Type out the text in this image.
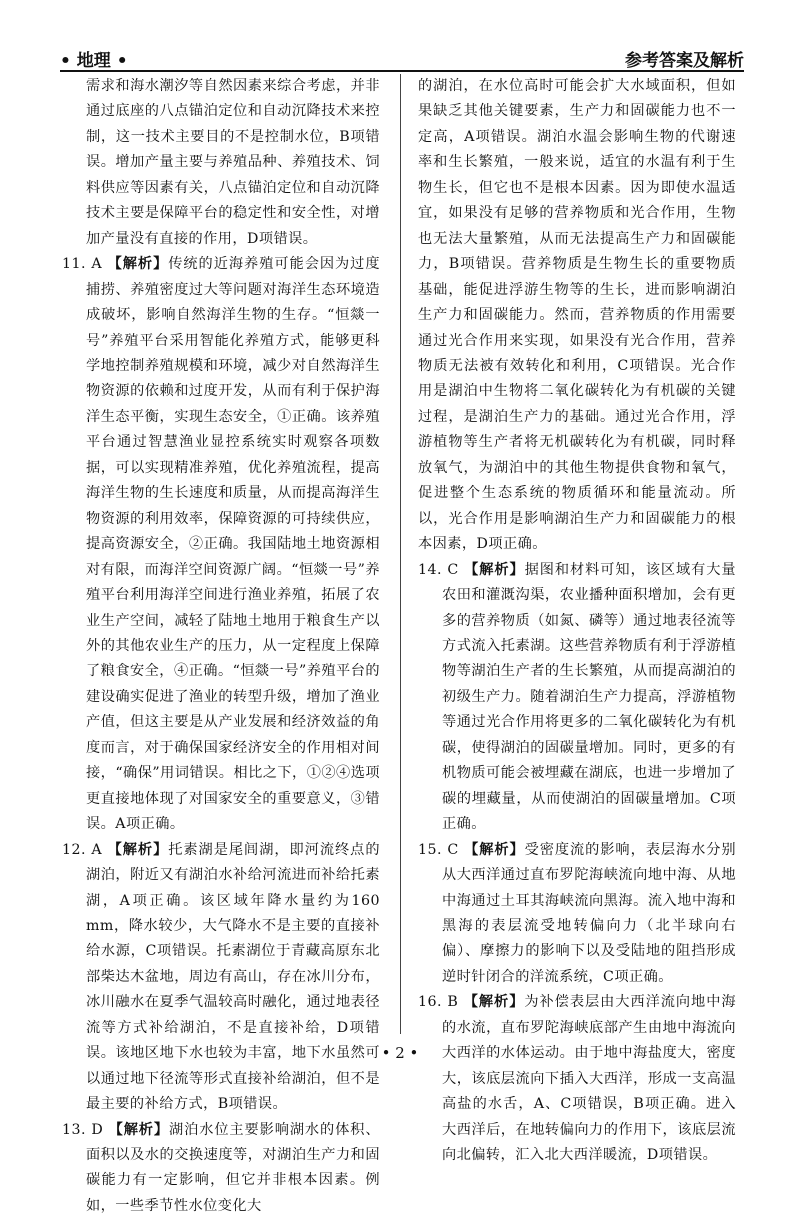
• 地理 •	参考答案及解析

需求和海水潮汐等自然因素来综合考虑，并非通过底座的八点锚泊定位和自动沉降技术来控制，这一技术主要目的不是控制水位，B项错误。增加产量主要与养殖品种、养殖技术、饲料供应等因素有关，八点锚泊定位和自动沉降技术主要是保障平台的稳定性和安全性，对增加产量没有直接的作用，D项错误。

11. A 【解析】传统的近海养殖可能会因为过度捕捞、养殖密度过大等问题对海洋生态环境造成破坏，影响自然海洋生物的生存。“恒燚一号”养殖平台采用智能化养殖方式，能够更科学地控制养殖规模和环境，减少对自然海洋生物资源的依赖和过度开发，从而有利于保护海洋生态平衡，实现生态安全，①正确。该养殖平台通过智慧渔业显控系统实时观察各项数据，可以实现精准养殖，优化养殖流程，提高海洋生物的生长速度和质量，从而提高海洋生物资源的利用效率，保障资源的可持续供应，提高资源安全，②正确。我国陆地土地资源相对有限，而海洋空间资源广阔。“恒燚一号”养殖平台利用海洋空间进行渔业养殖，拓展了农业生产空间，减轻了陆地土地用于粮食生产以外的其他农业生产的压力，从一定程度上保障了粮食安全，④正确。“恒燚一号”养殖平台的建设确实促进了渔业的转型升级，增加了渔业产值，但这主要是从产业发展和经济效益的角度而言，对于确保国家经济安全的作用相对间接，“确保”用词错误。相比之下，①②④选项更直接地体现了对国家安全的重要意义，③错误。A项正确。

12. A 【解析】托素湖是尾闾湖，即河流终点的湖泊，附近又有湖泊水补给河流进而补给托素湖，A项正确。该区域年降水量约为160 mm，降水较少，大气降水不是主要的直接补给水源，C项错误。托素湖位于青藏高原东北部柴达木盆地，周边有高山，存在冰川分布，冰川融水在夏季气温较高时融化，通过地表径流等方式补给湖泊，不是直接补给，D项错误。该地区地下水也较为丰富，地下水虽然可以通过地下径流等形式直接补给湖泊，但不是最主要的补给方式，B项错误。

13. D 【解析】湖泊水位主要影响湖水的体积、面积以及水的交换速度等，对湖泊生产力和固碳能力有一定影响，但它并非根本因素。例如，一些季节性水位变化大

的湖泊，在水位高时可能会扩大水域面积，但如果缺乏其他关键要素，生产力和固碳能力也不一定高，A项错误。湖泊水温会影响生物的代谢速率和生长繁殖，一般来说，适宜的水温有利于生物生长，但它也不是根本因素。因为即使水温适宜，如果没有足够的营养物质和光合作用，生物也无法大量繁殖，从而无法提高生产力和固碳能力，B项错误。营养物质是生物生长的重要物质基础，能促进浮游生物等的生长，进而影响湖泊生产力和固碳能力。然而，营养物质的作用需要通过光合作用来实现，如果没有光合作用，营养物质无法被有效转化和利用，C项错误。光合作用是湖泊中生物将二氧化碳转化为有机碳的关键过程，是湖泊生产力的基础。通过光合作用，浮游植物等生产者将无机碳转化为有机碳，同时释放氧气，为湖泊中的其他生物提供食物和氧气，促进整个生态系统的物质循环和能量流动。所以，光合作用是影响湖泊生产力和固碳能力的根本因素，D项正确。

14. C 【解析】据图和材料可知，该区域有大量农田和灌溉沟渠，农业播种面积增加，会有更多的营养物质（如氮、磷等）通过地表径流等方式流入托素湖。这些营养物质有利于浮游植物等湖泊生产者的生长繁殖，从而提高湖泊的初级生产力。随着湖泊生产力提高，浮游植物等通过光合作用将更多的二氧化碳转化为有机碳，使得湖泊的固碳量增加。同时，更多的有机物质可能会被埋藏在湖底，也进一步增加了碳的埋藏量，从而使湖泊的固碳量增加。C项正确。

15. C 【解析】受密度流的影响，表层海水分别从大西洋通过直布罗陀海峡流向地中海、从地中海通过土耳其海峡流向黑海。流入地中海和黑海的表层流受地转偏向力（北半球向右偏）、摩擦力的影响下以及受陆地的阻挡形成逆时针闭合的洋流系统，C项正确。

16. B 【解析】为补偿表层由大西洋流向地中海的水流，直布罗陀海峡底部产生由地中海流向大西洋的水体运动。由于地中海盐度大，密度大，该底层流向下插入大西洋，形成一支高温高盐的水舌，A、C项错误，B项正确。进入大西洋后，在地转偏向力的作用下，该底层流向北偏转，汇入北大西洋暖流，D项错误。

• 2 •
